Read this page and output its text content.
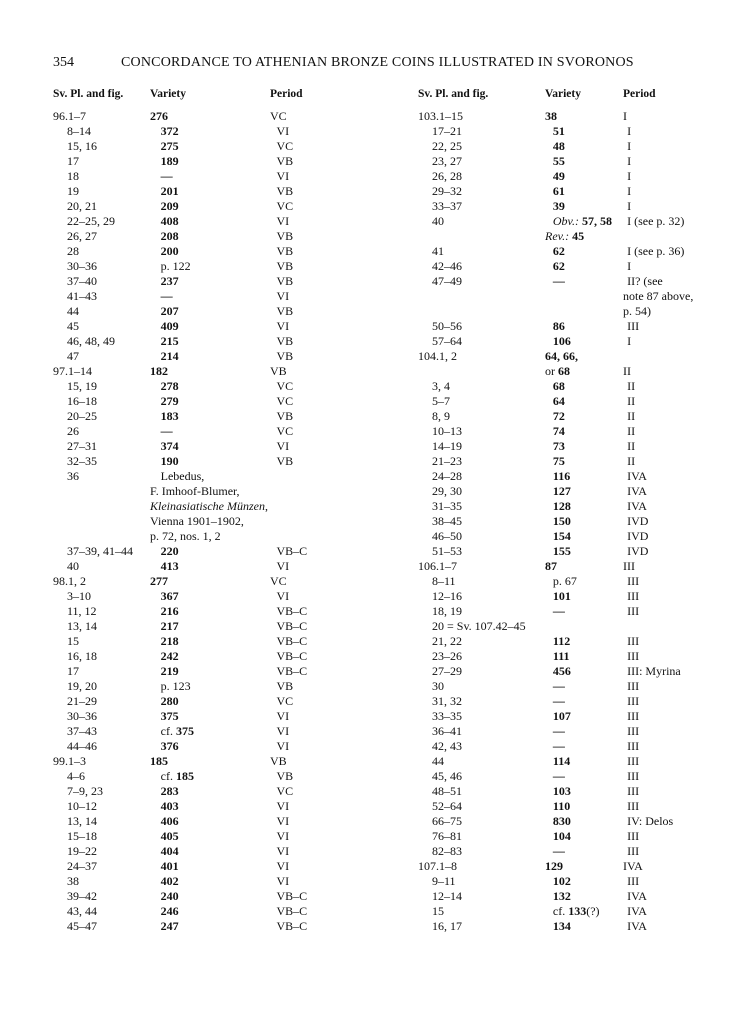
354	CONCORDANCE TO ATHENIAN BRONZE COINS ILLUSTRATED IN SVORONOS
Sv. Pl. and fig.	Variety	Period
96.1–7	276	VC
8–14	372	VI
15, 16	275	VC
17	189	VB
18	—	VI
19	201	VB
20, 21	209	VC
22–25, 29	408	VI
26, 27	208	VB
28	200	VB
30–36	p. 122	VB
37–40	237	VB
41–43	—	VI
44	207	VB
45	409	VI
46, 48, 49	215	VB
47	214	VB
97.1–14	182	VB
15, 19	278	VC
16–18	279	VC
20–25	183	VB
26	—	VC
27–31	374	VI
32–35	190	VB
36	Lebedus,
F. Imhoof-Blumer,
Kleinasiatische Münzen,
Vienna 1901–1902,
p. 72, nos. 1, 2
37–39, 41–44	220	VB–C
40	413	VI
98.1, 2	277	VC
3–10	367	VI
11, 12	216	VB–C
13, 14	217	VB–C
15	218	VB–C
16, 18	242	VB–C
17	219	VB–C
19, 20	p. 123	VB
21–29	280	VC
30–36	375	VI
37–43	cf. 375	VI
44–46	376	VI
99.1–3	185	VB
4–6	cf. 185	VB
7–9, 23	283	VC
10–12	403	VI
13, 14	406	VI
15–18	405	VI
19–22	404	VI
24–37	401	VI
38	402	VI
39–42	240	VB–C
43, 44	246	VB–C
45–47	247	VB–C
Sv. Pl. and fig.	Variety	Period
103.1–15	38	I
17–21	51	I
22, 25	48	I
23, 27	55	I
26, 28	49	I
29–32	61	I
33–37	39	I
40	Obv.: 57, 58	I (see p. 32)
Rev.: 45
41	62	I (see p. 36)
42–46	62	I
47–49	—	II? (see
note 87 above,
p. 54)
50–56	86	III
57–64	106	I
104.1, 2	64, 66,
or 68	II
3, 4	68	II
5–7	64	II
8, 9	72	II
10–13	74	II
14–19	73	II
21–23	75	II
24–28	116	IVA
29, 30	127	IVA
31–35	128	IVA
38–45	150	IVD
46–50	154	IVD
51–53	155	IVD
106.1–7	87	III
8–11	p. 67	III
12–16	101	III
18, 19	—	III
20 = Sv. 107.42–45
21, 22	112	III
23–26	111	III
27–29	456	III: Myrina
30	—	III
31, 32	—	III
33–35	107	III
36–41	—	III
42, 43	—	III
44	114	III
45, 46	—	III
48–51	103	III
52–64	110	III
66–75	830	IV: Delos
76–81	104	III
82–83	—	III
107.1–8	129	IVA
9–11	102	III
12–14	132	IVA
15	cf. 133(?)	IVA
16, 17	134	IVA
